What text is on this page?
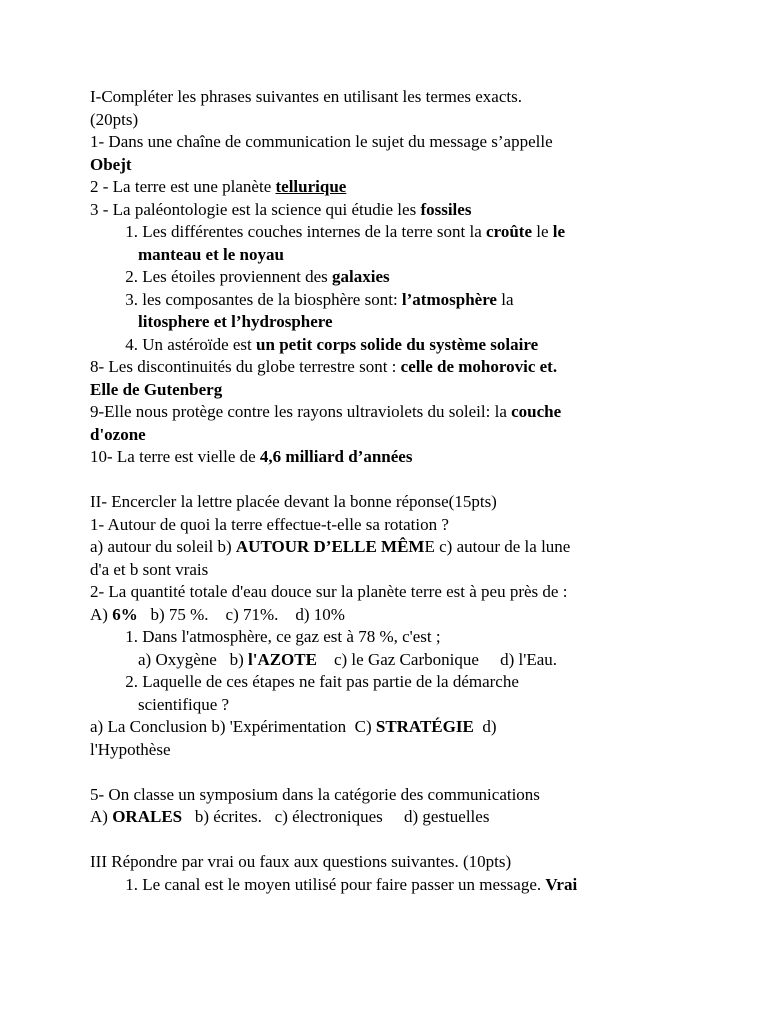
I-Compléter les phrases suivantes en utilisant les termes exacts.
(20pts)
1- Dans une chaîne de communication le sujet du message s’appelle
Obejt
2 - La terre est une planète tellurique
3 - La paléontologie est la science qui étudie les fossiles
1. Les différentes couches internes de la terre sont la croûte le le
manteau et le noyau
2. Les étoiles proviennent des galaxies
3. les composantes de la biosphère sont: l’atmosphère la
litosphere et l’hydrosphere
4. Un astéroïde est un petit corps solide du système solaire
8- Les discontinuités du globe terrestre sont : celle de mohorovic et.
Elle de Gutenberg
9-Elle nous protège contre les rayons ultraviolets du soleil: la couche
d'ozone
10- La terre est vielle de 4,6 milliard d’années
II- Encercler la lettre placée devant la bonne réponse(15pts)
1- Autour de quoi la terre effectue-t-elle sa rotation ?
a) autour du soleil b) AUTOUR D’ELLE MÊME c) autour de la lune
d'a et b sont vrais
2- La quantité totale d'eau douce sur la planète terre est à peu près de :
A) 6%   b) 75 %.    c) 71%.    d) 10%
1. Dans l'atmosphère, ce gaz est à 78 %, c'est ;
a) Oxygène   b) l'AZOTE    c) le Gaz Carbonique     d) l'Eau.
2. Laquelle de ces étapes ne fait pas partie de la démarche
scientifique ?
a) La Conclusion b) 'Expérimentation  C) STRATÉGIE  d)
l'Hypothèse
5- On classe un symposium dans la catégorie des communications
A) ORALES   b) écrites.   c) électroniques     d) gestuelles
III Répondre par vrai ou faux aux questions suivantes. (10pts)
1. Le canal est le moyen utilisé pour faire passer un message. Vrai
